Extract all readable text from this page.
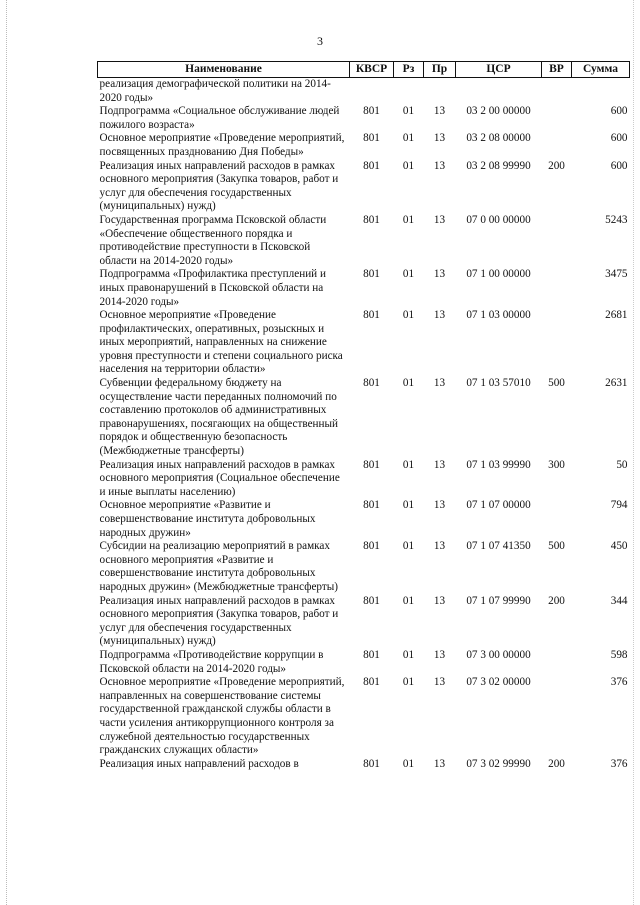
3
Наименование	КВСР	Рз	Пр	ЦСР	ВР	Сумма
реализация демографической политики на 2014-2020 годы»						
Подпрограмма «Социальное обслуживание людей пожилого возраста»	801	01	13	03 2 00 00000		600
Основное мероприятие «Проведение мероприятий, посвященных празднованию Дня Победы»	801	01	13	03 2 08 00000		600
Реализация иных направлений расходов в рамках основного мероприятия (Закупка товаров, работ и услуг для обеспечения государственных (муниципальных) нужд)	801	01	13	03 2 08 99990	200	600
Государственная программа Псковской области «Обеспечение общественного порядка и противодействие преступности в Псковской области на 2014-2020 годы»	801	01	13	07 0 00 00000		5243
Подпрограмма «Профилактика преступлений и иных правонарушений в Псковской области на 2014-2020 годы»	801	01	13	07 1 00 00000		3475
Основное мероприятие «Проведение профилактических, оперативных, розыскных и иных мероприятий, направленных на снижение уровня преступности и степени социального риска населения на территории области»	801	01	13	07 1 03 00000		2681
Субвенции федеральному бюджету на осуществление части переданных полномочий по составлению протоколов об административных правонарушениях, посягающих на общественный порядок и общественную безопасность (Межбюджетные трансферты)	801	01	13	07 1 03 57010	500	2631
Реализация иных направлений расходов в рамках основного мероприятия (Социальное обеспечение и иные выплаты населению)	801	01	13	07 1 03 99990	300	50
Основное мероприятие «Развитие и совершенствование института добровольных народных дружин»	801	01	13	07 1 07 00000		794
Субсидии на реализацию мероприятий в рамках основного мероприятия «Развитие и совершенствование института добровольных народных дружин» (Межбюджетные трансферты)	801	01	13	07 1 07 41350	500	450
Реализация иных направлений расходов в рамках основного мероприятия (Закупка товаров, работ и услуг для обеспечения государственных (муниципальных) нужд)	801	01	13	07 1 07 99990	200	344
Подпрограмма «Противодействие коррупции в Псковской области на 2014-2020 годы»	801	01	13	07 3 00 00000		598
Основное мероприятие «Проведение мероприятий, направленных на совершенствование системы государственной гражданской службы области в части усиления антикоррупционного контроля за служебной деятельностью государственных гражданских служащих области»	801	01	13	07 3 02 00000		376
Реализация иных направлений расходов в	801	01	13	07 3 02 99990	200	376
